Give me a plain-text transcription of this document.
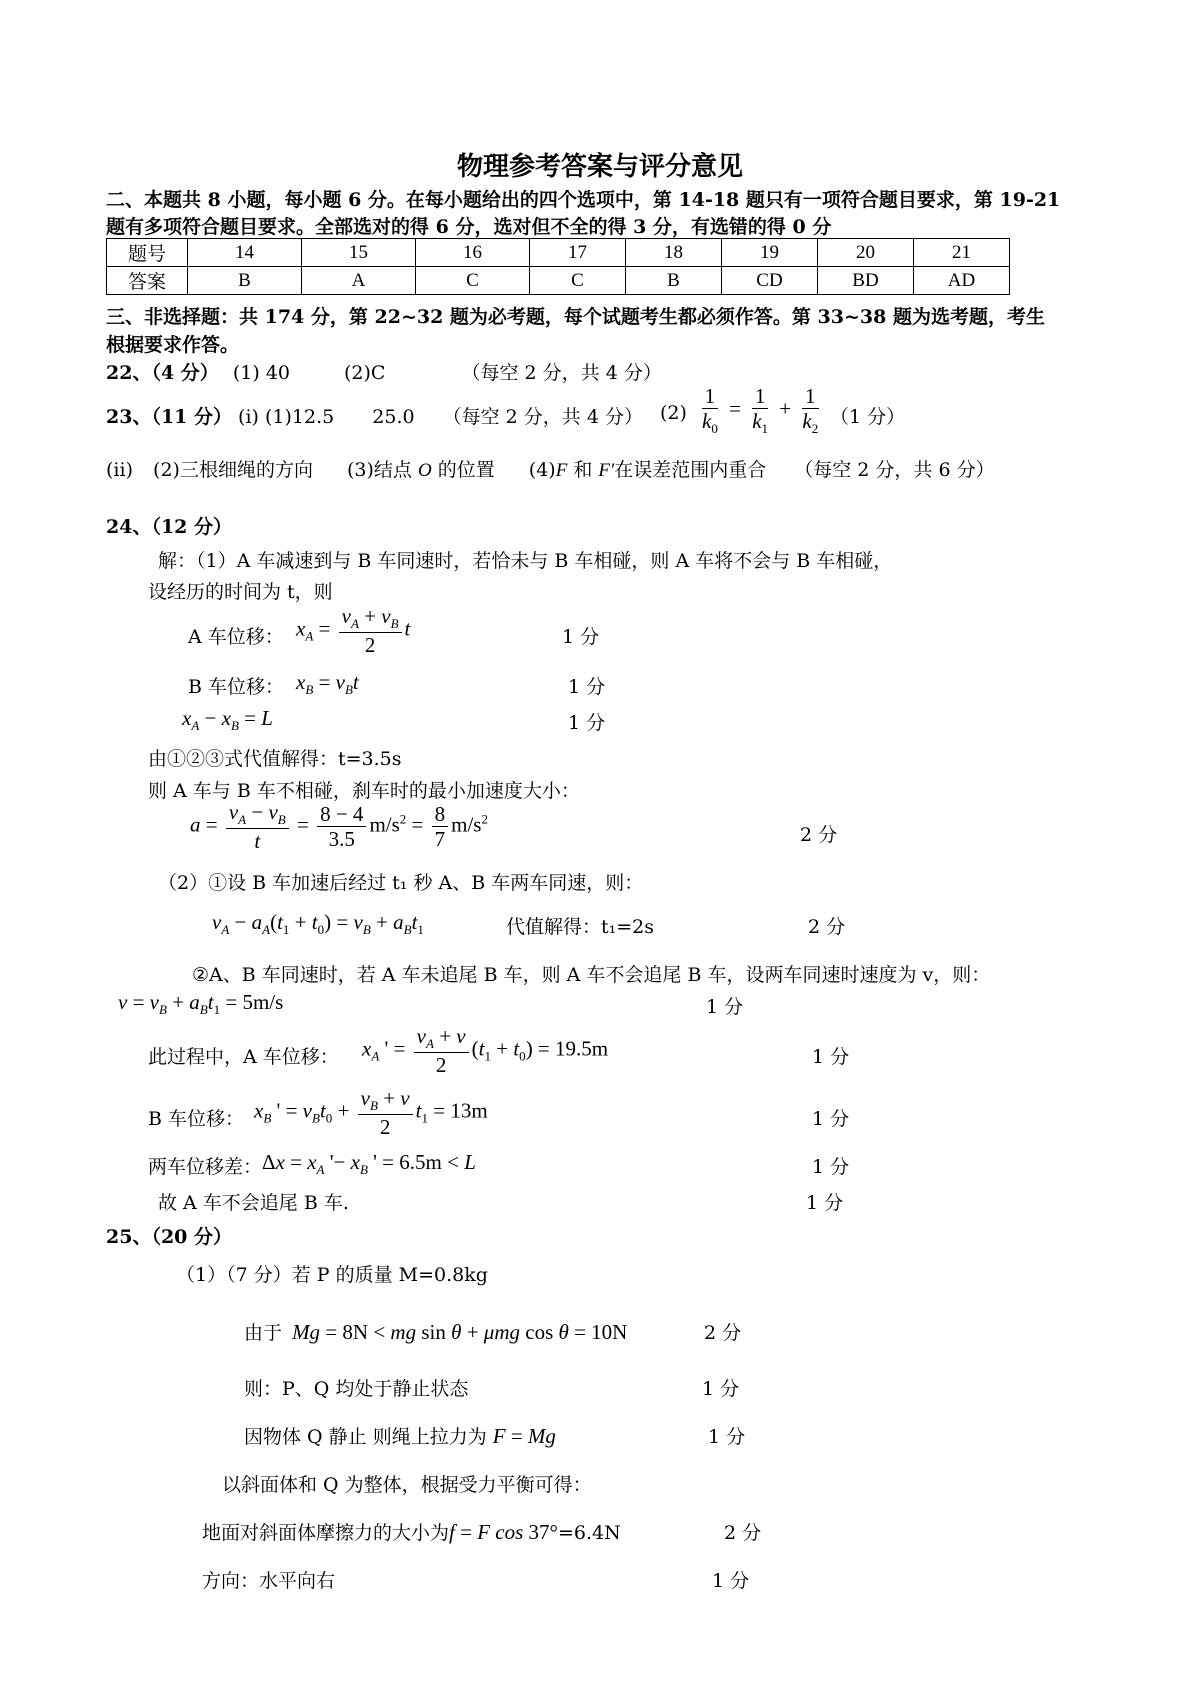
物理参考答案与评分意见
二、本题共 8 小题，每小题 6 分。在每小题给出的四个选项中，第 14-18 题只有一项符合题目要求，第 19-21
题有多项符合题目要求。全部选对的得 6 分，选对但不全的得 3 分，有选错的得 0 分
题号	14	15	16	17	18	19	20	21
答案	B	A	C	C	B	CD	BD	AD
三、非选择题：共 174 分，第 22~32 题为必考题，每个试题考生都必须作答。第 33~38 题为选考题，考生
根据要求作答。
22、（4 分） (1) 40	(2)C	（每空 2 分，共 4 分）
23、（11 分） (ⅰ) (1)12.5 25.0 （每空 2 分，共 4 分） $(2) \frac{1}{k_0} = \frac{1}{k_1} + \frac{1}{k_2} (1$ 分）
(ii) (2)三根细绳的方向 (3)结点 O 的位置 (4)F 和 F′在误差范围内重合 （每空 2 分，共 6 分）
24、（12 分）
解：（1）A 车减速到与 B 车同速时，若恰未与 B 车相碰，则 A 车将不会与 B 车相碰，
设经历的时间为 t，则
A 车位移： $x_A = \frac{v_A + v_B}{2}$ t	1 分
B 车位移： $x_B = v_Bt$	1 分
$x_A - x_B = L$	1 分
由①②③式代值解得：t=3.5s
则 A 车与 B 车不相碰，刹车时的最小加速度大小：
$a = \frac{v_A - v_B}{t} = \frac{8 - 4}{3.5} m/s^2 = \frac{8}{7} m/s^2$
2 分
（2）①设 B 车加速后经过 t₁ 秒 A、B 车两车同速，则：
$v_A - a_A(t_1 + t_0) = v_B + a_Bt_1$	代值解得：t₁=2s	2 分
②A、B 车同速时，若 A 车未追尾 B 车，则 A 车不会追尾 B 车，设两车同速时速度为 v，则：
$v = v_B + a_Bt_1 = 5m/s$	1 分
此过程中，A 车位移： $x_A$ ' = $\frac{v_A + v}{2} (t_1 + t_0) = 19.5m$	1 分
B 车位移： $x_B$ ' = $v_Bt_0 + \frac{v_B + v}{2} t_1 = 13m$	1 分
两车位移差： $\Delta x = x_A$ '− $x_B$ ' = 6.5m < L	1 分
故 A 车不会追尾 B 车.	1 分
25、（20 分）
（1）（7 分）若 P 的质量 M=0.8kg
由于 Mg = 8N < mg sin θ + μmg cos θ = 10N	2 分
则：P、Q 均处于静止状态	1 分
因物体 Q 静止 则绳上拉力为 F = Mg	1 分
以斜面体和 Q 为整体，根据受力平衡可得：
地面对斜面体摩擦力的大小为f = F cos 37°=6.4N	2 分
方向：水平向右	1 分
